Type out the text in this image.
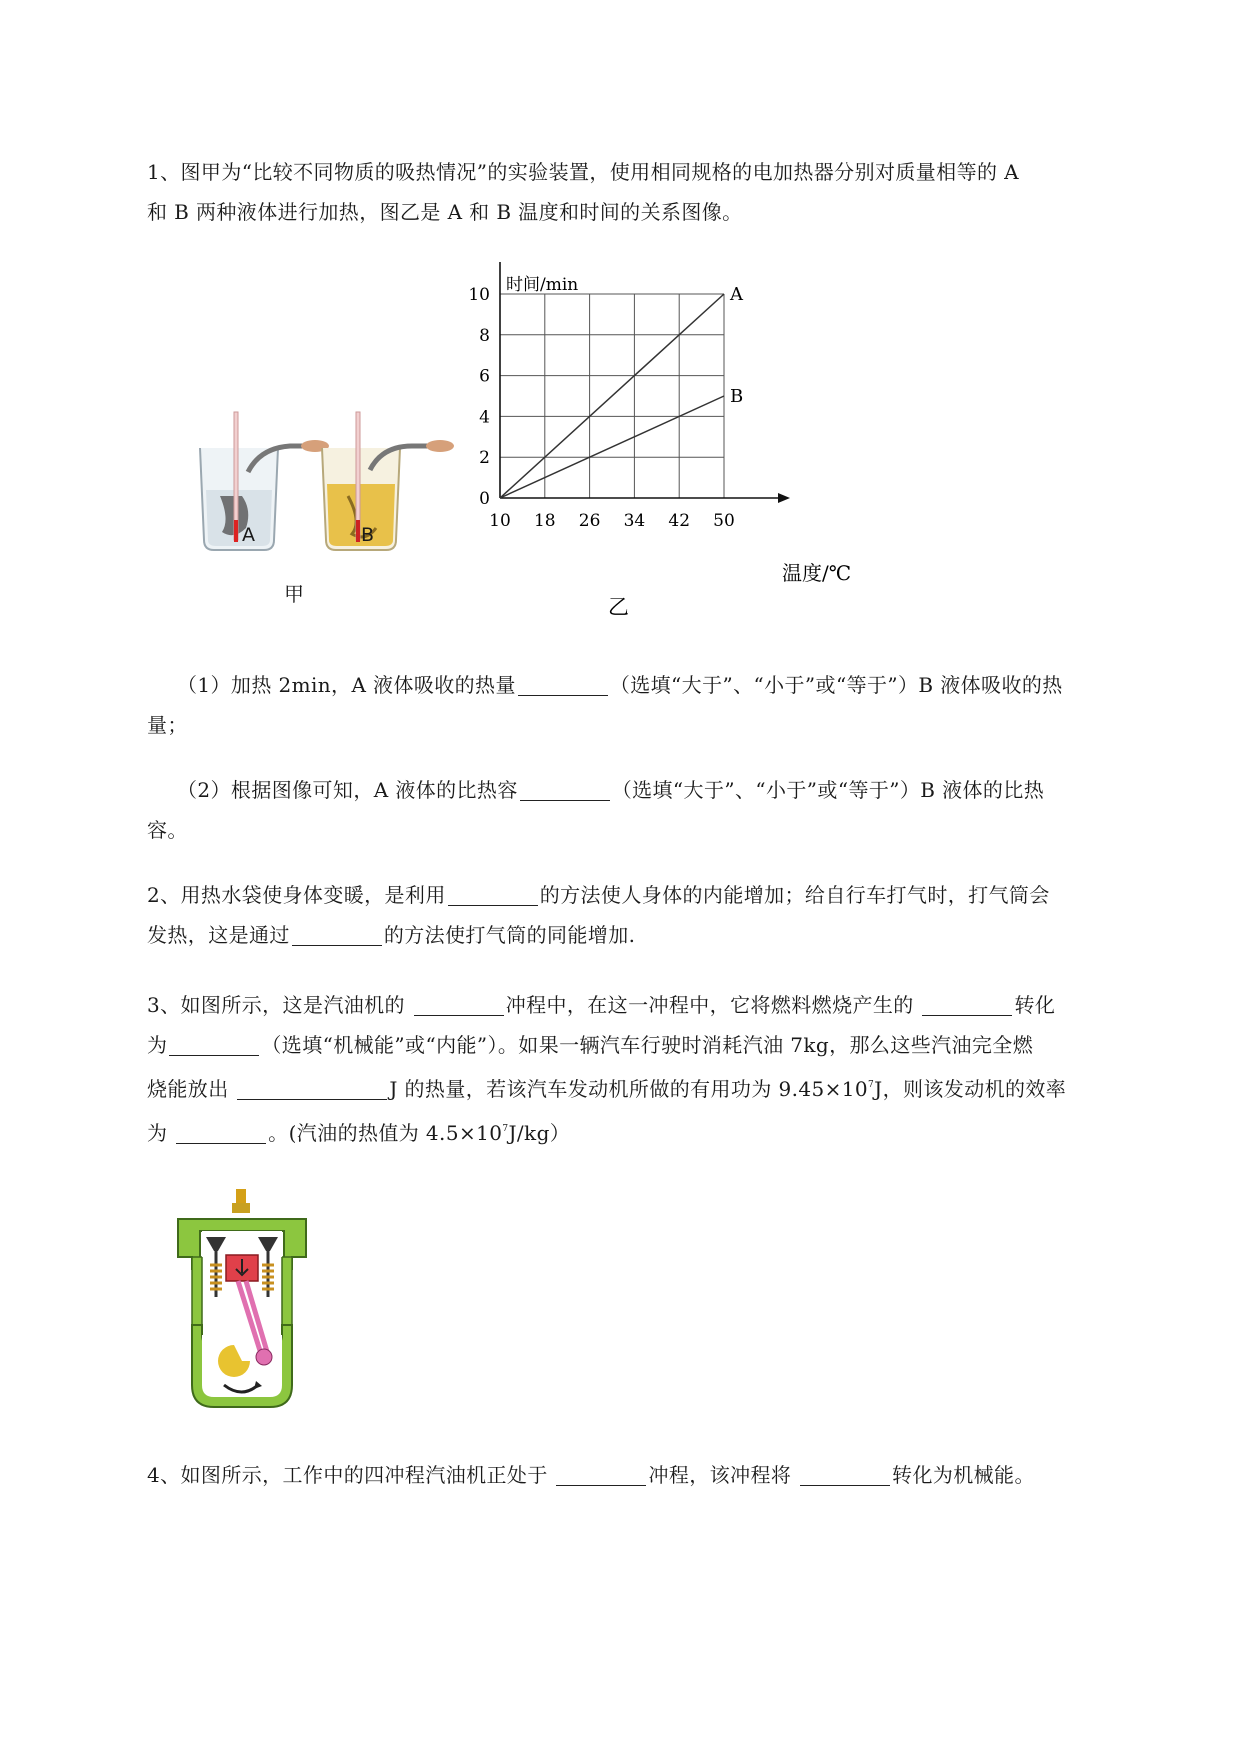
1、图甲为“比较不同物质的吸热情况”的实验装置，使用相同规格的电加热器分别对质量相等的 A
和 B 两种液体进行加热，图乙是 A 和 B 温度和时间的关系图像。
A	B
甲
10 18 26 34 42 50
0
2
4
6
8
10	A
B
时间/min
温度/℃
乙
（1）加热 2min，A 液体吸收的热量	（选填“大于”、“小于”或“等于”）B 液体吸收的热
量；
（2）根据图像可知，A 液体的比热容	（选填“大于”、“小于”或“等于”）B 液体的比热
容。
2、用热水袋使身体变暖，是利用	的方法使人身体的内能增加；给自行车打气时，打气筒会
发热，这是通过	的方法使打气筒的同能增加.
3、如图所示，这是汽油机的	冲程中，在这一冲程中，它将燃料燃烧产生的	转化
为	（选填“机械能”或“内能”）。如果一辆汽车行驶时消耗汽油 7kg，那么这些汽油完全燃
烧能放出	J 的热量，若该汽车发动机所做的有用功为 $9.45\times 10^7J$，则该发动机的效率
为	。(汽油的热值为 $4.5\times 10^7J/kg$）
4、如图所示，工作中的四冲程汽油机正处于	冲程，该冲程将	转化为机械能。
